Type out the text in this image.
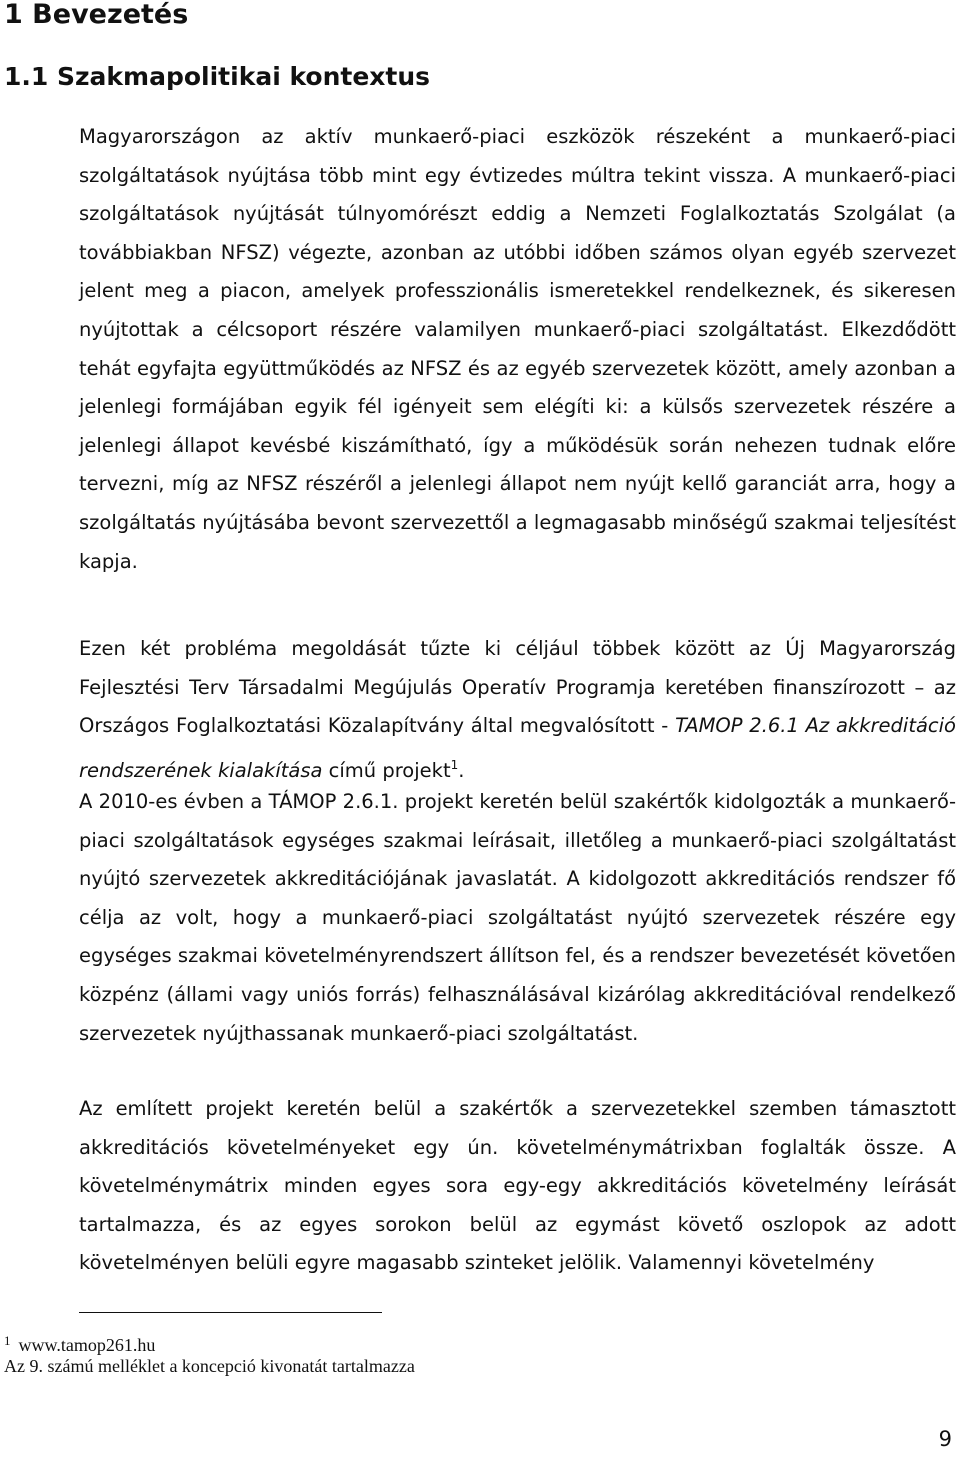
1 Bevezetés
1.1 Szakmapolitikai kontextus

Magyarországon az aktív munkaerő-piaci eszközök részeként a munkaerő-piaci szolgáltatások nyújtása több mint egy évtizedes múltra tekint vissza. A munkaerő-piaci szolgáltatások nyújtását túlnyomórészt eddig a Nemzeti Foglalkoztatás Szolgálat (a továbbiakban NFSZ) végezte, azonban az utóbbi időben számos olyan egyéb szervezet jelent meg a piacon, amelyek professzionális ismeretekkel rendelkeznek, és sikeresen nyújtottak a célcsoport részére valamilyen munkaerő-piaci szolgáltatást. Elkezdődött tehát egyfajta együttműködés az NFSZ és az egyéb szervezetek között, amely azonban a jelenlegi formájában egyik fél igényeit sem elégíti ki: a külsős szervezetek részére a jelenlegi állapot kevésbé kiszámítható, így a működésük során nehezen tudnak előre tervezni, míg az NFSZ részéről a jelenlegi állapot nem nyújt kellő garanciát arra, hogy a szolgáltatás nyújtásába bevont szervezettől a legmagasabb minőségű szakmai teljesítést kapja.

Ezen két probléma megoldását tűzte ki céljául többek között az Új Magyarország Fejlesztési Terv Társadalmi Megújulás Operatív Programja keretében finanszírozott – az Országos Foglalkoztatási Közalapítvány által megvalósított - TAMOP 2.6.1 Az akkreditáció rendszerének kialakítása című projekt$^1$.

A 2010-es évben a TÁMOP 2.6.1. projekt keretén belül szakértők kidolgozták a munkaerő-piaci szolgáltatások egységes szakmai leírásait, illetőleg a munkaerő-piaci szolgáltatást nyújtó szervezetek akkreditációjának javaslatát. A kidolgozott akkreditációs rendszer fő célja az volt, hogy a munkaerő-piaci szolgáltatást nyújtó szervezetek részére egy egységes szakmai követelményrendszert állítson fel, és a rendszer bevezetését követően közpénz (állami vagy uniós forrás) felhasználásával kizárólag akkreditációval rendelkező szervezetek nyújthassanak munkaerő-piaci szolgáltatást.

Az említett projekt keretén belül a szakértők a szervezetekkel szemben támasztott akkreditációs követelményeket egy ún. követelménymátrixban foglalták össze. A követelménymátrix minden egyes sora egy-egy akkreditációs követelmény leírását tartalmazza, és az egyes sorokon belül az egymást követő oszlopok az adott követelményen belüli egyre magasabb szinteket jelölik. Valamennyi követelmény

$^1$ www.tamop261.hu

Az 9. számú melléklet a koncepció kivonatát tartalmazza

9
